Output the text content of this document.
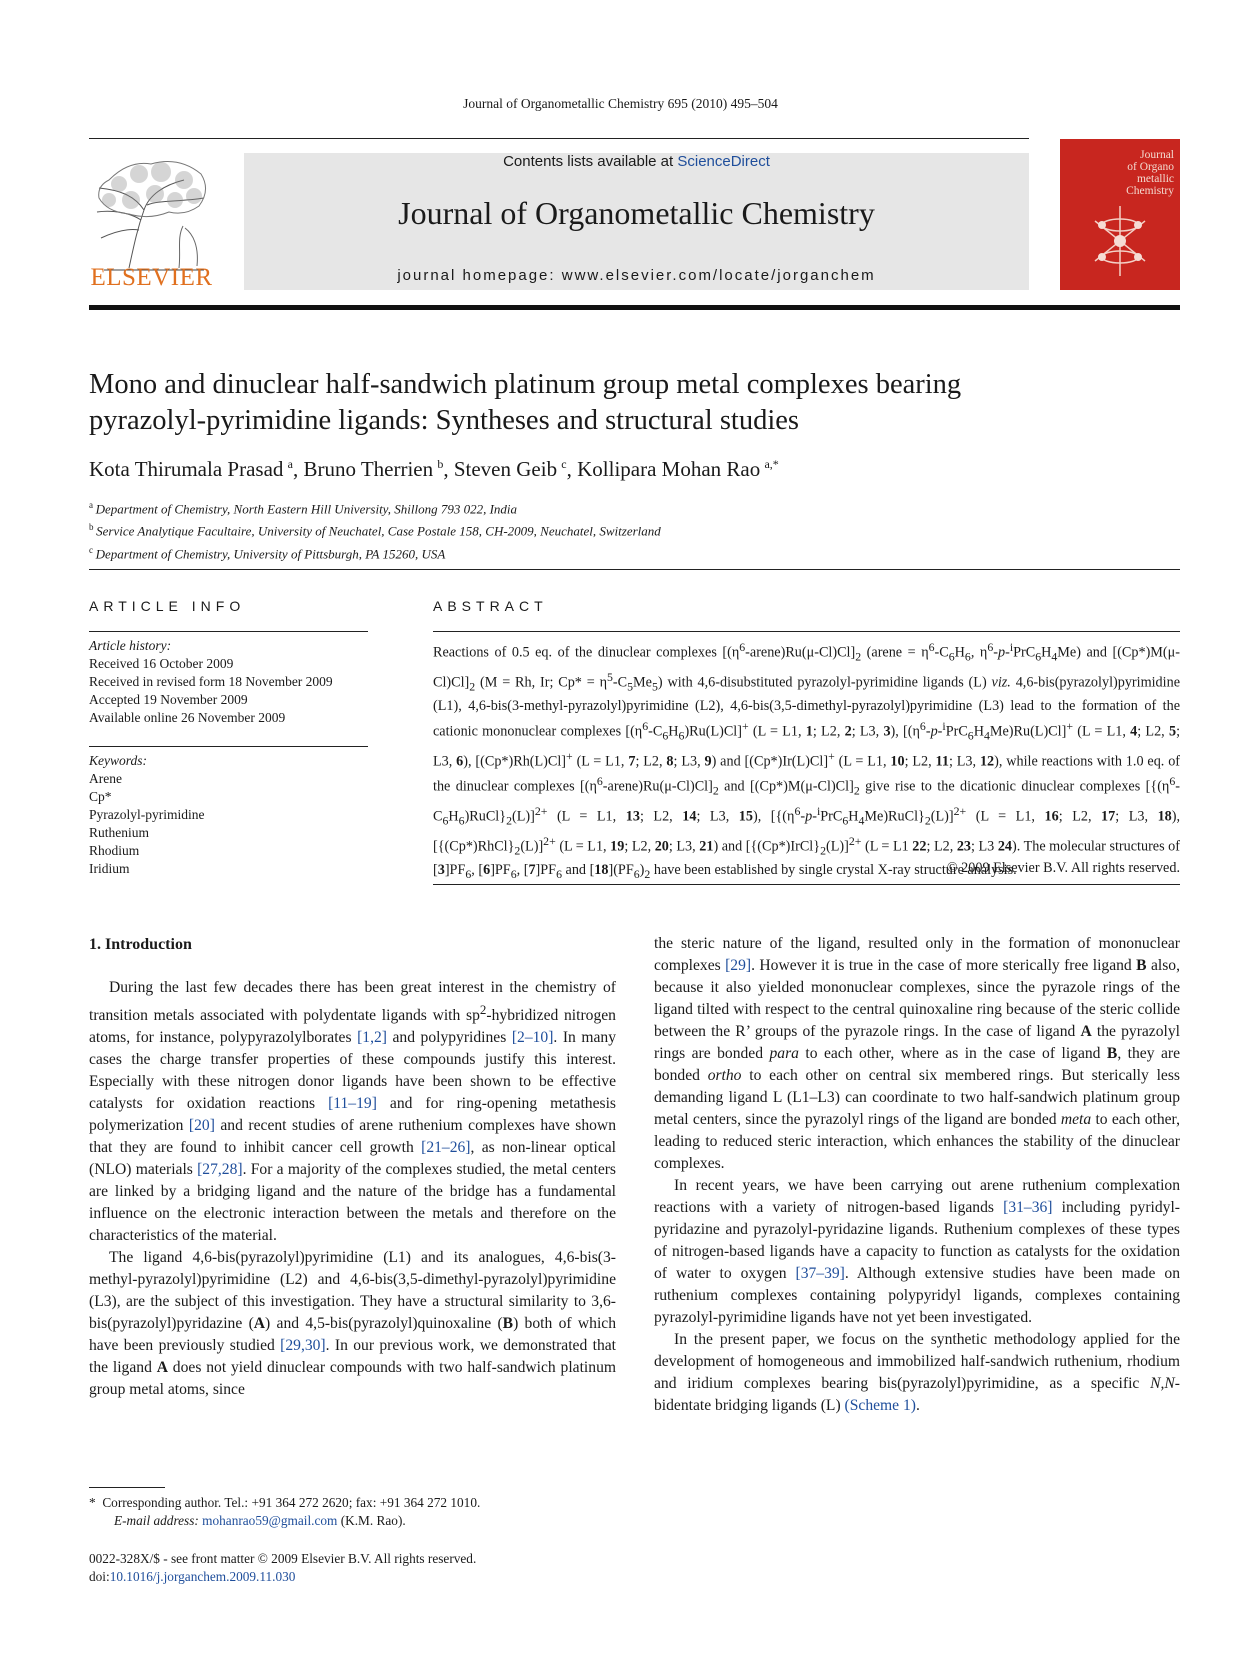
Journal of Organometallic Chemistry 695 (2010) 495–504
ELSEVIER
Contents lists available at ScienceDirect
Journal of Organometallic Chemistry
journal homepage: www.elsevier.com/locate/jorganchem
Journal
of Organo
metallic
Chemistry
Mono and dinuclear half-sandwich platinum group metal complexes bearing
pyrazolyl-pyrimidine ligands: Syntheses and structural studies
Kota Thirumala Prasad  $^a$, Bruno Therrien  $^b$, Steven Geib  $^c$, Kollipara Mohan Rao  $^{a,*}$
$^a$  Department of Chemistry, North Eastern Hill University, Shillong 793 022, India
$^b$  Service Analytique Facultaire, University of Neuchatel, Case Postale 158, CH-2009, Neuchatel, Switzerland
$^c$  Department of Chemistry, University of Pittsburgh, PA 15260, USA
ARTICLE INFO
Article history:
Received 16 October 2009
Received in revised form 18 November 2009
Accepted 19 November 2009
Available online 26 November 2009
Keywords:
Arene
Cp*
Pyrazolyl-pyrimidine
Ruthenium
Rhodium
Iridium
ABSTRACT
Reactions of 0.5 eq. of the dinuclear complexes $[(\eta^6-arene)Ru(\mu-Cl)Cl]_2$ (arene = $\eta^6-C_6H_6$, $\eta^6-p-^iPrC_6H_4Me$) and $[(Cp*)M(\mu-Cl)Cl]_2$ (M = Rh, Ir; $Cp* = \eta^5-C_5Me_5$) with 4,6-disubstituted pyrazolyl-pyrimidine ligands (L) viz. 4,6-bis(pyrazolyl)pyrimidine (L1), 4,6-bis(3-methyl-pyrazolyl)pyrimidine (L2), 4,6-bis(3,5-dimethyl-pyrazolyl)pyrimidine (L3) lead to the formation of the cationic mononuclear complexes $[(\eta^6-C_6H_6)Ru(L)Cl]^+$ (L = L1, 1; L2, 2; L3, 3), $[(\eta^6-p-^iPrC_6H_4Me)Ru(L)Cl]^+$ (L = L1, 4; L2, 5; L3, 6), [(Cp*)Rh(L)Cl]+ (L = L1, 7; L2, 8; L3, 9) and [(Cp*)Ir(L)Cl]+ (L = L1, 10; L2, 11; L3, 12), while reactions with 1.0 eq. of the dinuclear complexes $[(\eta^6-arene)Ru(\mu-Cl)Cl]_2$ and $[(Cp*)M(\mu-Cl)Cl]_2$ give rise to the dicationic dinuclear complexes $[\{(\eta^6-C_6H_6)RuCl\}_2(L)]^{2+}$ (L = L1, 13; L2, 14; L3, 15), $[\{(\eta^6-p-^iPrC_6H_4Me)RuCl\}_2(L)]^{2+}$ (L = L1, 16; L2, 17; L3, 18), $[\{(Cp*)RhCl\}_2(L)]^{2+}$ (L = L1, 19; L2, 20; L3, 21) and $[\{(Cp*)IrCl\}_2(L)]^{2+}$ (L = L1 22; L2, 23; L3 24). The molecular structures of $[3]PF_6$, $[6]PF_6$, $[7]PF_6$ and $[18](PF_6)_2$ have been established by single crystal X-ray structure analysis.
© 2009 Elsevier B.V. All rights reserved.
1. Introduction

During the last few decades there has been great interest in the chemistry of transition metals associated with polydentate ligands with $sp^2$-hybridized nitrogen atoms, for instance, polypyrazolylborates [1,2] and polypyridines [2–10]. In many cases the charge transfer properties of these compounds justify this interest. Especially with these nitrogen donor ligands have been shown to be effective catalysts for oxidation reactions [11–19] and for ring-opening metathesis polymerization [20] and recent studies of arene ruthenium complexes have shown that they are found to inhibit cancer cell growth [21–26], as non-linear optical (NLO) materials [27,28]. For a majority of the complexes studied, the metal centers are linked by a bridging ligand and the nature of the bridge has a fundamental influence on the electronic interaction between the metals and therefore on the characteristics of the material.

The ligand 4,6-bis(pyrazolyl)pyrimidine (L1) and its analogues, 4,6-bis(3-methyl-pyrazolyl)pyrimidine (L2) and 4,6-bis(3,5-dimethyl-pyrazolyl)pyrimidine (L3), are the subject of this investigation. They have a structural similarity to 3,6-bis(pyrazolyl)pyridazine (A) and 4,5-bis(pyrazolyl)quinoxaline (B) both of which have been previously studied [29,30]. In our previous work, we demonstrated that the ligand A does not yield dinuclear compounds with two half-sandwich platinum group metal atoms, since

the steric nature of the ligand, resulted only in the formation of mononuclear complexes [29]. However it is true in the case of more sterically free ligand B also, because it also yielded mononuclear complexes, since the pyrazole rings of the ligand tilted with respect to the central quinoxaline ring because of the steric collide between the R’ groups of the pyrazole rings. In the case of ligand A the pyrazolyl rings are bonded para to each other, where as in the case of ligand B, they are bonded ortho to each other on central six membered rings. But sterically less demanding ligand L (L1–L3) can coordinate to two half-sandwich platinum group metal centers, since the pyrazolyl rings of the ligand are bonded meta to each other, leading to reduced steric interaction, which enhances the stability of the dinuclear complexes.

In recent years, we have been carrying out arene ruthenium complexation reactions with a variety of nitrogen-based ligands [31–36] including pyridyl-pyridazine and pyrazolyl-pyridazine ligands. Ruthenium complexes of these types of nitrogen-based ligands have a capacity to function as catalysts for the oxidation of water to oxygen [37–39]. Although extensive studies have been made on ruthenium complexes containing polypyridyl ligands, complexes containing pyrazolyl-pyrimidine ligands have not yet been investigated.

In the present paper, we focus on the synthetic methodology applied for the development of homogeneous and immobilized half-sandwich ruthenium, rhodium and iridium complexes bearing bis(pyrazolyl)pyrimidine, as a specific N,N-bidentate bridging ligands (L) (Scheme 1).

* Corresponding author. Tel.: +91 364 272 2620; fax: +91 364 272 1010.
E-mail address: mohanrao59@gmail.com (K.M. Rao).
0022-328X/$ - see front matter © 2009 Elsevier B.V. All rights reserved.
doi:10.1016/j.jorganchem.2009.11.030
